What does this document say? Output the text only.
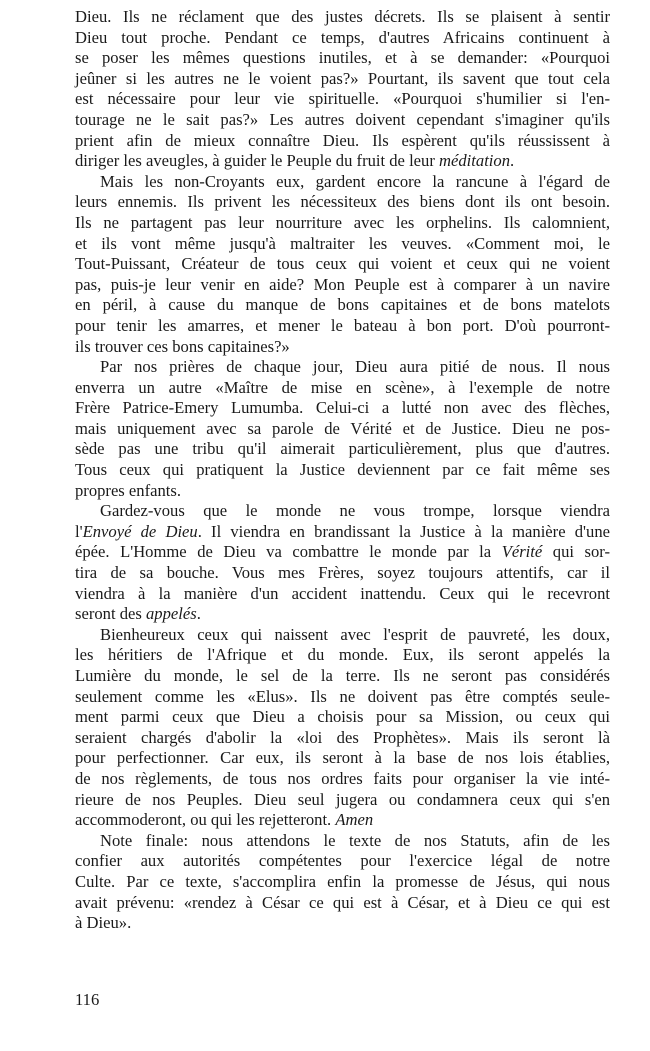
Dieu. Ils ne réclament que des justes décrets. Ils se plaisent à sentir
Dieu tout proche. Pendant ce temps, d'autres Africains continuent à
se poser les mêmes questions inutiles, et à se demander: «Pourquoi
jeûner si les autres ne le voient pas?» Pourtant, ils savent que tout cela
est nécessaire pour leur vie spirituelle. «Pourquoi s'humilier si l'en-
tourage ne le sait pas?» Les autres doivent cependant s'imaginer qu'ils
prient afin de mieux connaître Dieu. Ils espèrent qu'ils réussissent à
diriger les aveugles, à guider le Peuple du fruit de leur méditation.
Mais les non-Croyants eux, gardent encore la rancune à l'égard de
leurs ennemis. Ils privent les nécessiteux des biens dont ils ont besoin.
Ils ne partagent pas leur nourriture avec les orphelins. Ils calomnient,
et ils vont même jusqu'à maltraiter les veuves. «Comment moi, le
Tout-Puissant, Créateur de tous ceux qui voient et ceux qui ne voient
pas, puis-je leur venir en aide? Mon Peuple est à comparer à un navire
en péril, à cause du manque de bons capitaines et de bons matelots
pour tenir les amarres, et mener le bateau à bon port. D'où pourront-
ils trouver ces bons capitaines?»
Par nos prières de chaque jour, Dieu aura pitié de nous. Il nous
enverra un autre «Maître de mise en scène», à l'exemple de notre
Frère Patrice-Emery Lumumba. Celui-ci a lutté non avec des flèches,
mais uniquement avec sa parole de Vérité et de Justice. Dieu ne pos-
sède pas une tribu qu'il aimerait particulièrement, plus que d'autres.
Tous ceux qui pratiquent la Justice deviennent par ce fait même ses
propres enfants.
Gardez-vous que le monde ne vous trompe, lorsque viendra
l'Envoyé de Dieu. Il viendra en brandissant la Justice à la manière d'une
épée. L'Homme de Dieu va combattre le monde par la Vérité qui sor-
tira de sa bouche. Vous mes Frères, soyez toujours attentifs, car il
viendra à la manière d'un accident inattendu. Ceux qui le recevront
seront des appelés.
Bienheureux ceux qui naissent avec l'esprit de pauvreté, les doux,
les héritiers de l'Afrique et du monde. Eux, ils seront appelés la
Lumière du monde, le sel de la terre. Ils ne seront pas considérés
seulement comme les «Elus». Ils ne doivent pas être comptés seule-
ment parmi ceux que Dieu a choisis pour sa Mission, ou ceux qui
seraient chargés d'abolir la «loi des Prophètes». Mais ils seront là
pour perfectionner. Car eux, ils seront à la base de nos lois établies,
de nos règlements, de tous nos ordres faits pour organiser la vie inté-
rieure de nos Peuples. Dieu seul jugera ou condamnera ceux qui s'en
accommoderont, ou qui les rejetteront. Amen
Note finale: nous attendons le texte de nos Statuts, afin de les
confier aux autorités compétentes pour l'exercice légal de notre
Culte. Par ce texte, s'accomplira enfin la promesse de Jésus, qui nous
avait prévenu: «rendez à César ce qui est à César, et à Dieu ce qui est
à Dieu».
116
